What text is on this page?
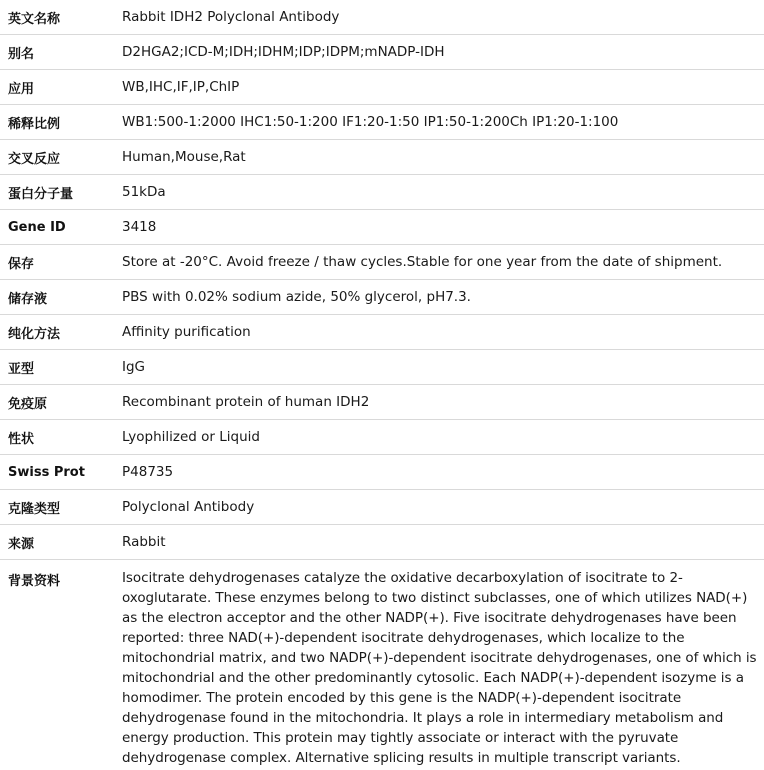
英文名称	Rabbit IDH2 Polyclonal Antibody
别名	D2HGA2;ICD-M;IDH;IDHM;IDP;IDPM;mNADP-IDH
应用	WB,IHC,IF,IP,ChIP
稀释比例	WB1:500-1:2000 IHC1:50-1:200 IF1:20-1:50 IP1:50-1:200Ch IP1:20-1:100
交叉反应	Human,Mouse,Rat
蛋白分子量	51kDa
Gene ID	3418
保存	Store at -20°C. Avoid freeze / thaw cycles.Stable for one year from the date of shipment.
储存液	PBS with 0.02% sodium azide, 50% glycerol, pH7.3.
纯化方法	Affinity purification
亚型	IgG
免疫原	Recombinant protein of human IDH2
性状	Lyophilized or Liquid
Swiss Prot	P48735
克隆类型	Polyclonal Antibody
来源	Rabbit
背景资料	Isocitrate dehydrogenases catalyze the oxidative decarboxylation of isocitrate to 2-oxoglutarate. These enzymes belong to two distinct subclasses, one of which utilizes NAD(+) as the electron acceptor and the other NADP(+). Five isocitrate dehydrogenases have been reported: three NAD(+)-dependent isocitrate dehydrogenases, which localize to the mitochondrial matrix, and two NADP(+)-dependent isocitrate dehydrogenases, one of which is mitochondrial and the other predominantly cytosolic. Each NADP(+)-dependent isozyme is a homodimer. The protein encoded by this gene is the NADP(+)-dependent isocitrate dehydrogenase found in the mitochondria. It plays a role in intermediary metabolism and energy production. This protein may tightly associate or interact with the pyruvate dehydrogenase complex. Alternative splicing results in multiple transcript variants.
